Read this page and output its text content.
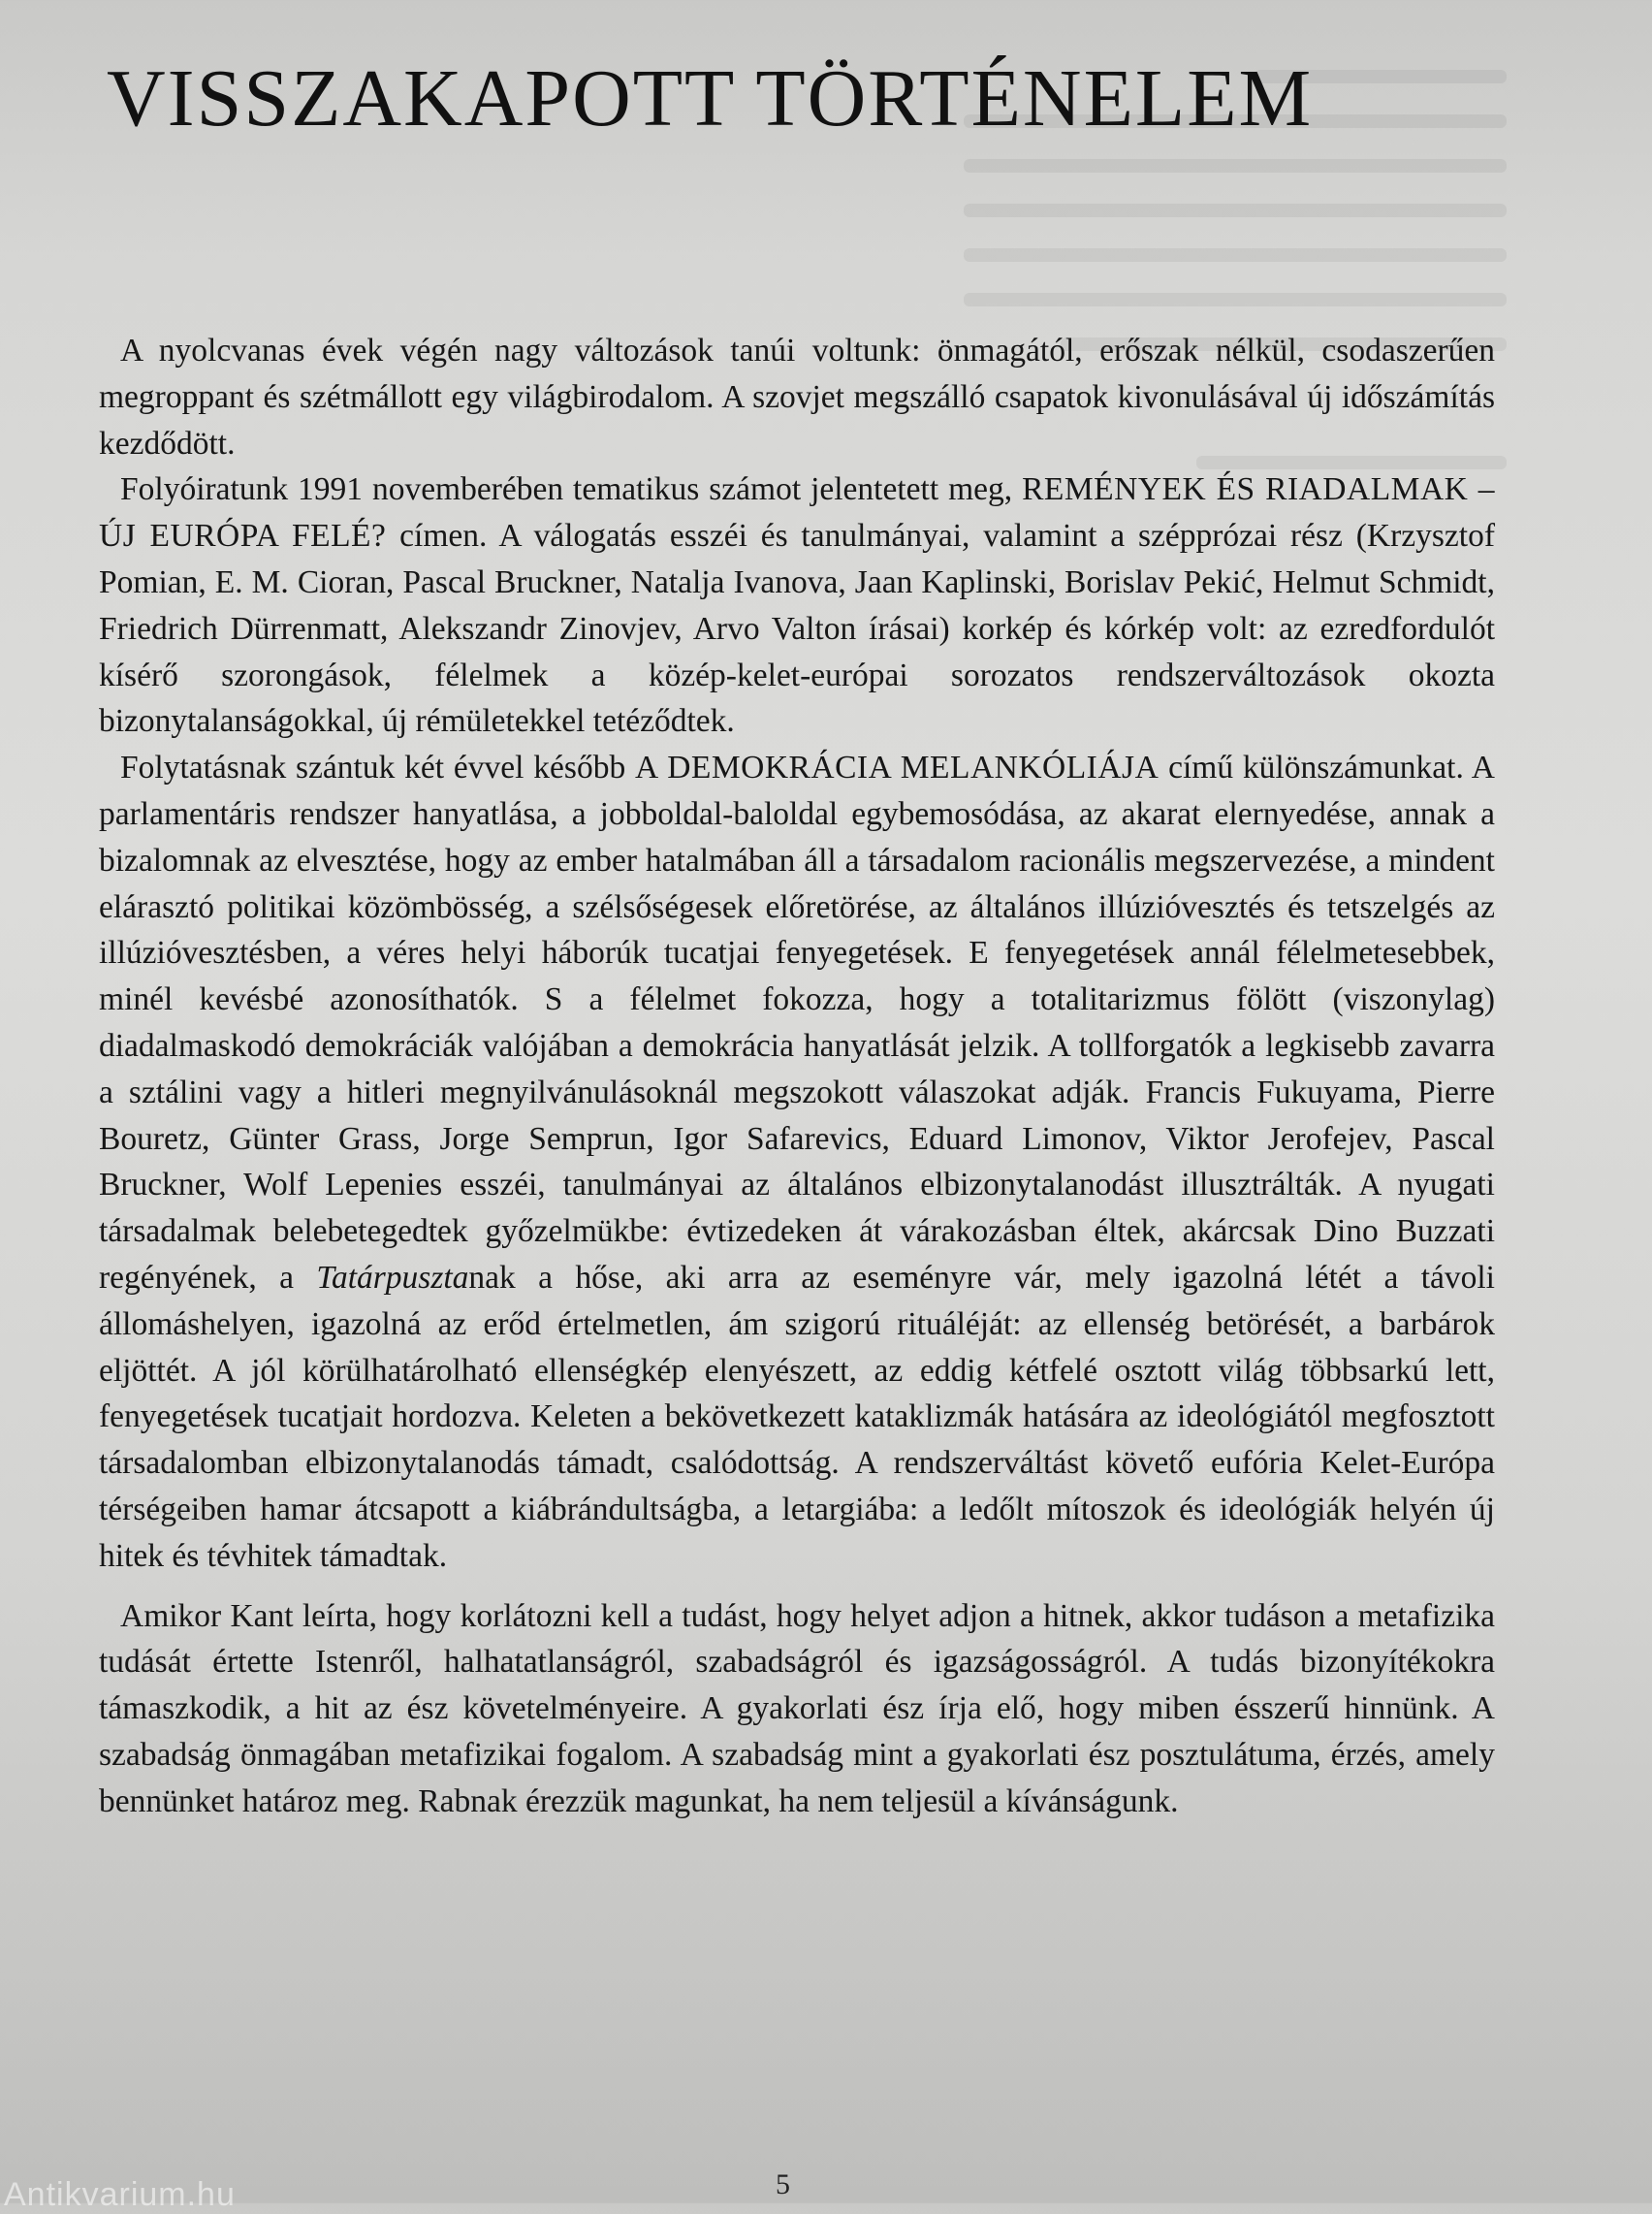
VISSZAKAPOTT TÖRTÉNELEM

A nyolcvanas évek végén nagy változások tanúi voltunk: önmagától, erőszak nélkül, csodaszerűen megroppant és szétmállott egy világbirodalom. A szovjet megszálló csapatok kivonulásával új időszámítás kezdődött.

Folyóiratunk 1991 novemberében tematikus számot jelentetett meg, REMÉNYEK ÉS RIADALMAK – ÚJ EURÓPA FELÉ? címen. A válogatás esszéi és tanulmányai, valamint a szépprózai rész (Krzysztof Pomian, E. M. Cioran, Pascal Bruckner, Natalja Ivanova, Jaan Kaplinski, Borislav Pekić, Helmut Schmidt, Friedrich Dürrenmatt, Alekszandr Zinovjev, Arvo Valton írásai) korkép és kórkép volt: az ezredfordulót kísérő szorongások, félelmek a közép-kelet-európai sorozatos rendszerváltozások okozta bizonytalanságokkal, új rémületekkel tetéződtek.

Folytatásnak szántuk két évvel később A DEMOKRÁCIA MELANKÓLIÁJA című különszámunkat. A parlamentáris rendszer hanyatlása, a jobboldal-baloldal egybemosódása, az akarat elernyedése, annak a bizalomnak az elvesztése, hogy az ember hatalmában áll a társadalom racionális megszervezése, a mindent elárasztó politikai közömbösség, a szélsőségesek előretörése, az általános illúzióvesztés és tetszelgés az illúzióvesztésben, a véres helyi háborúk tucatjai fenyegetések. E fenyegetések annál félelmetesebbek, minél kevésbé azonosíthatók. S a félelmet fokozza, hogy a totalitarizmus fölött (viszonylag) diadalmaskodó demokráciák valójában a demokrácia hanyatlását jelzik. A tollforgatók a legkisebb zavarra a sztálini vagy a hitleri megnyilvánulásoknál megszokott válaszokat adják. Francis Fukuyama, Pierre Bouretz, Günter Grass, Jorge Semprun, Igor Safarevics, Eduard Limonov, Viktor Jerofejev, Pascal Bruckner, Wolf Lepenies esszéi, tanulmányai az általános elbizonytalanodást illusztrálták. A nyugati társadalmak belebetegedtek győzelmükbe: évtizedeken át várakozásban éltek, akárcsak Dino Buzzati regényének, a Tatárpusztanak a hőse, aki arra az eseményre vár, mely igazolná létét a távoli állomáshelyen, igazolná az erőd értelmetlen, ám szigorú rituáléját: az ellenség betörését, a barbárok eljöttét. A jól körülhatárolható ellenségkép elenyészett, az eddig kétfelé osztott világ többsarkú lett, fenyegetések tucatjait hordozva. Keleten a bekövetkezett kataklizmák hatására az ideológiától megfosztott társadalomban elbizonytalanodás támadt, csalódottság. A rendszerváltást követő eufória Kelet-Európa térségeiben hamar átcsapott a kiábrándultságba, a letargiába: a ledőlt mítoszok és ideológiák helyén új hitek és tévhitek támadtak.

Amikor Kant leírta, hogy korlátozni kell a tudást, hogy helyet adjon a hitnek, akkor tudáson a metafizika tudását értette Istenről, halhatatlanságról, szabadságról és igazságosságról. A tudás bizonyítékokra támaszkodik, a hit az ész követelményeire. A gyakorlati ész írja elő, hogy miben ésszerű hinnünk. A szabadság önmagában metafizikai fogalom. A szabadság mint a gyakorlati ész posztulátuma, érzés, amely bennünket határoz meg. Rabnak érezzük magunkat, ha nem teljesül a kívánságunk.

5
Antikvarium.hu
